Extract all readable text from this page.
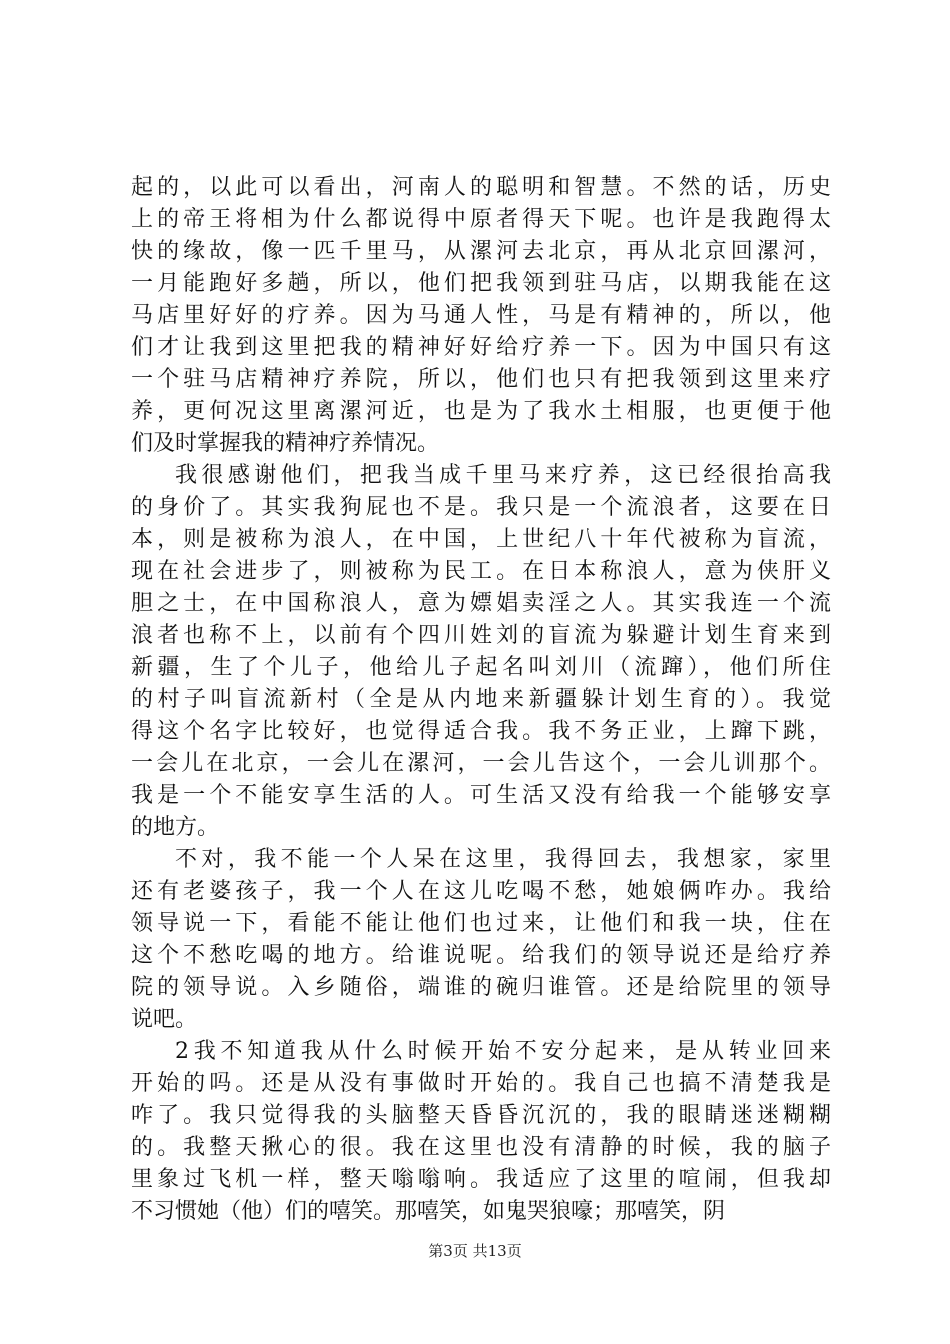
起的，以此可以看出，河南人的聪明和智慧。不然的话，历史
上的帝王将相为什么都说得中原者得天下呢。也许是我跑得太
快的缘故，像一匹千里马，从漯河去北京，再从北京回漯河，
一月能跑好多趟，所以，他们把我领到驻马店，以期我能在这
马店里好好的疗养。因为马通人性，马是有精神的，所以，他
们才让我到这里把我的精神好好给疗养一下。因为中国只有这
一个驻马店精神疗养院，所以，他们也只有把我领到这里来疗
养，更何况这里离漯河近，也是为了我水土相服，也更便于他
们及时掌握我的精神疗养情况。
我很感谢他们，把我当成千里马来疗养，这已经很抬高我
的身价了。其实我狗屁也不是。我只是一个流浪者，这要在日
本，则是被称为浪人，在中国，上世纪八十年代被称为盲流，
现在社会进步了，则被称为民工。在日本称浪人，意为侠肝义
胆之士，在中国称浪人，意为嫖娼卖淫之人。其实我连一个流
浪者也称不上，以前有个四川姓刘的盲流为躲避计划生育来到
新疆，生了个儿子，他给儿子起名叫刘川（流蹿），他们所住
的村子叫盲流新村（全是从内地来新疆躲计划生育的）。我觉
得这个名字比较好，也觉得适合我。我不务正业，上蹿下跳，
一会儿在北京，一会儿在漯河，一会儿告这个，一会儿训那个。
我是一个不能安享生活的人。可生活又没有给我一个能够安享
的地方。
不对，我不能一个人呆在这里，我得回去，我想家，家里
还有老婆孩子，我一个人在这儿吃喝不愁，她娘俩咋办。我给
领导说一下，看能不能让他们也过来，让他们和我一块，住在
这个不愁吃喝的地方。给谁说呢。给我们的领导说还是给疗养
院的领导说。入乡随俗，端谁的碗归谁管。还是给院里的领导
说吧。
2我不知道我从什么时候开始不安分起来，是从转业回来
开始的吗。还是从没有事做时开始的。我自己也搞不清楚我是
咋了。我只觉得我的头脑整天昏昏沉沉的，我的眼睛迷迷糊糊
的。我整天揪心的很。我在这里也没有清静的时候，我的脑子
里象过飞机一样，整天嗡嗡响。我适应了这里的喧闹，但我却
不习惯她（他）们的嘻笑。那嘻笑，如鬼哭狼嚎；那嘻笑，阴
第3页 共13页
